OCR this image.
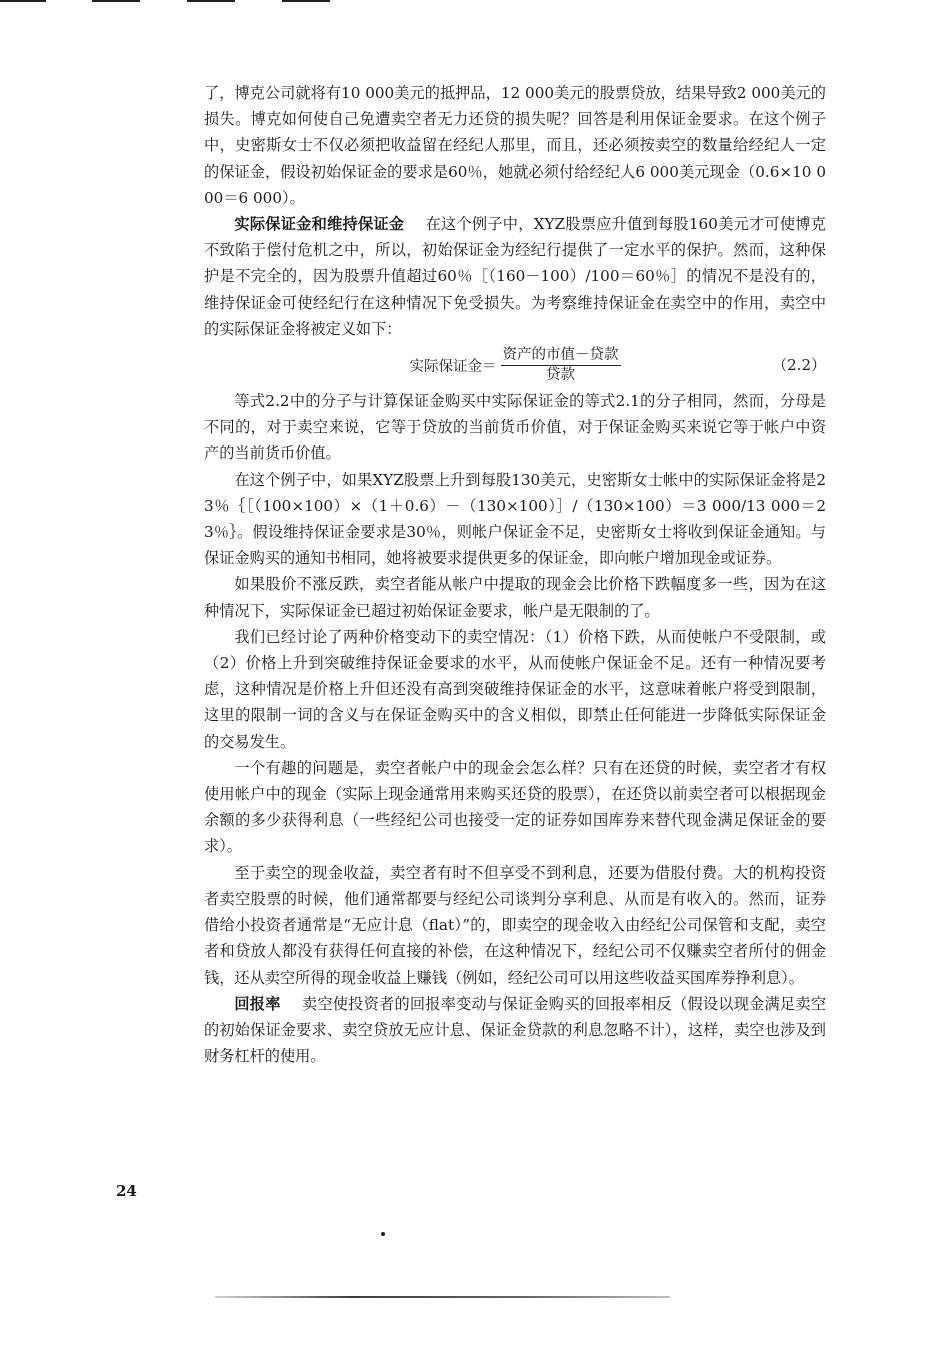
了，博克公司就将有10 000美元的抵押品，12 000美元的股票贷放，结果导致2 000美元的损失。博克如何使自己免遭卖空者无力还贷的损失呢？回答是利用保证金要求。在这个例子中，史密斯女士不仅必须把收益留在经纪人那里，而且，还必须按卖空的数量给经纪人一定的保证金，假设初始保证金的要求是60％，她就必须付给经纪人6 000美元现金（0.6×10 000＝6 000）。

实际保证金和维持保证金 在这个例子中，XYZ股票应升值到每股160美元才可使博克不致陷于偿付危机之中，所以，初始保证金为经纪行提供了一定水平的保护。然而，这种保护是不完全的，因为股票升值超过60％［（160－100）/100＝60％］的情况不是没有的，维持保证金可使经纪行在这种情况下免受损失。为考察维持保证金在卖空中的作用，卖空中的实际保证金将被定义如下：

实际保证金＝ $\frac{\text{资产的市值－贷款}}{\text{贷款}}$	（2.2）

等式2.2中的分子与计算保证金购买中实际保证金的等式2.1的分子相同，然而，分母是不同的，对于卖空来说，它等于贷放的当前货币价值，对于保证金购买来说它等于帐户中资产的当前货币价值。

在这个例子中，如果XYZ股票上升到每股130美元，史密斯女士帐中的实际保证金将是23％｛［（100×100）×（1＋0.6）－（130×100）］/（130×100）＝3 000/13 000＝23％｝。假设维持保证金要求是30％，则帐户保证金不足，史密斯女士将收到保证金通知。与保证金购买的通知书相同，她将被要求提供更多的保证金，即向帐户增加现金或证券。

如果股价不涨反跌，卖空者能从帐户中提取的现金会比价格下跌幅度多一些，因为在这种情况下，实际保证金已超过初始保证金要求，帐户是无限制的了。

我们已经讨论了两种价格变动下的卖空情况：（1）价格下跌，从而使帐户不受限制，或（2）价格上升到突破维持保证金要求的水平，从而使帐户保证金不足。还有一种情况要考虑，这种情况是价格上升但还没有高到突破维持保证金的水平，这意味着帐户将受到限制，这里的限制一词的含义与在保证金购买中的含义相似，即禁止任何能进一步降低实际保证金的交易发生。

一个有趣的问题是，卖空者帐户中的现金会怎么样？只有在还贷的时候，卖空者才有权使用帐户中的现金（实际上现金通常用来购买还贷的股票），在还贷以前卖空者可以根据现金余额的多少获得利息（一些经纪公司也接受一定的证券如国库券来替代现金满足保证金的要求）。

至于卖空的现金收益，卖空者有时不但享受不到利息，还要为借股付费。大的机构投资者卖空股票的时候，他们通常都要与经纪公司谈判分享利息、从而是有收入的。然而，证券借给小投资者通常是“无应计息（flat）”的，即卖空的现金收入由经纪公司保管和支配，卖空者和贷放人都没有获得任何直接的补偿，在这种情况下，经纪公司不仅赚卖空者所付的佣金钱，还从卖空所得的现金收益上赚钱（例如，经纪公司可以用这些收益买国库券挣利息）。

回报率 卖空使投资者的回报率变动与保证金购买的回报率相反（假设以现金满足卖空的初始保证金要求、卖空贷放无应计息、保证金贷款的利息忽略不计），这样，卖空也涉及到财务杠杆的使用。

24
